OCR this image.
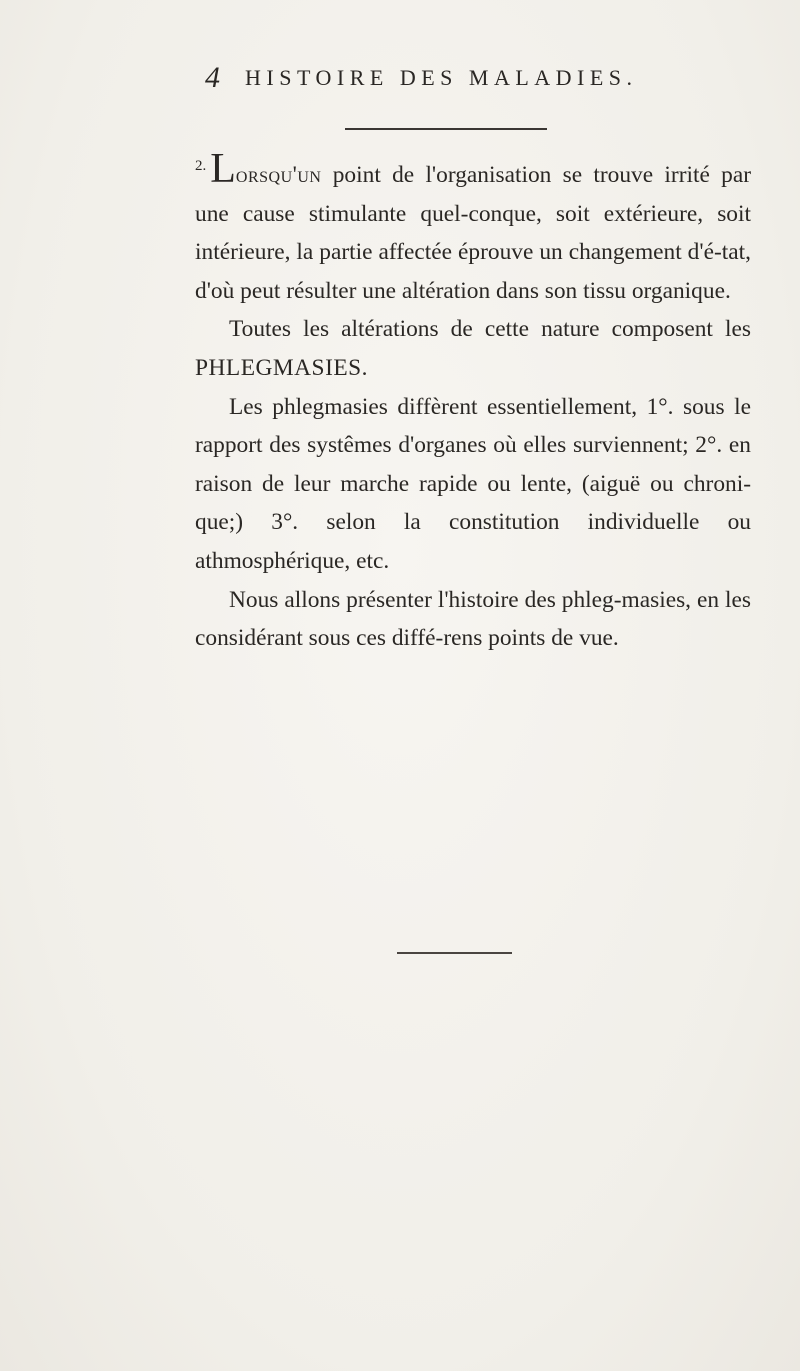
4 HISTOIRE DES MALADIES.

$^{2.}$Lorsqu'un point de l'organisation se trouve irrité par une cause stimulante quel-conque, soit extérieure, soit intérieure, la partie affectée éprouve un changement d'é-tat, d'où peut résulter une altération dans son tissu organique.

Toutes les altérations de cette nature composent les PHLEGMASIES.

Les phlegmasies diffèrent essentiellement, 1°. sous le rapport des systêmes d'organes où elles surviennent; 2°. en raison de leur marche rapide ou lente, (aiguë ou chroni-que;) 3°. selon la constitution individuelle ou athmosphérique, etc.

Nous allons présenter l'histoire des phleg-masies, en les considérant sous ces diffé-rens points de vue.
